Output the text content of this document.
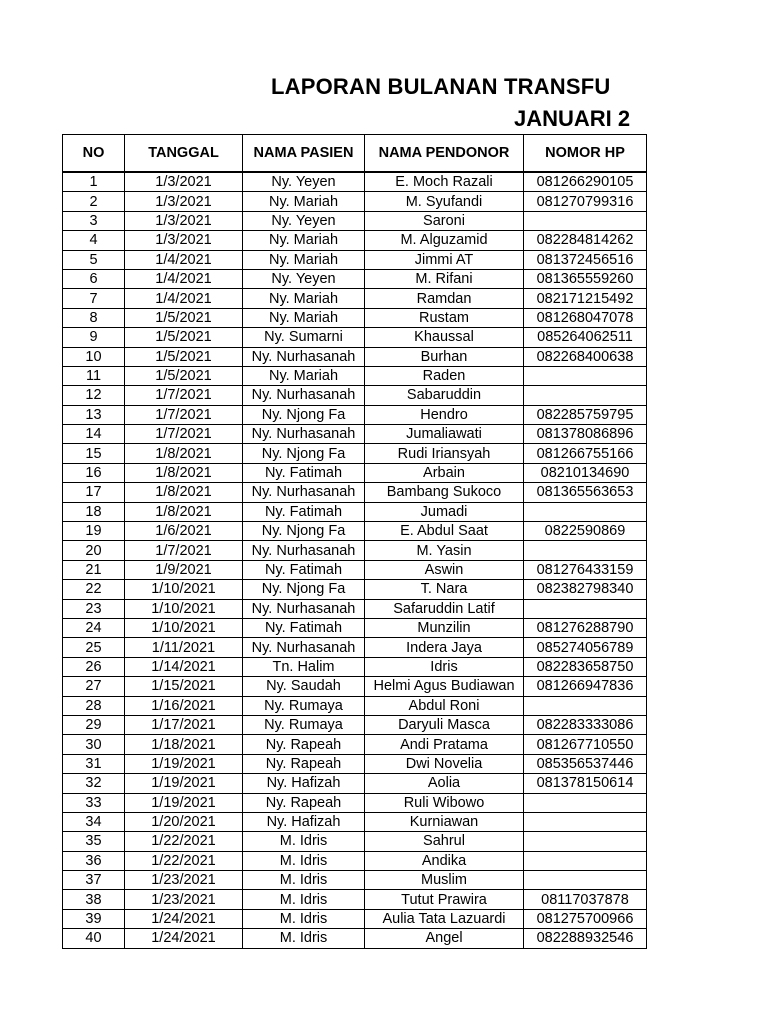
LAPORAN BULANAN TRANSFU
JANUARI 2
NO	TANGGAL	NAMA PASIEN	NAMA PENDONOR	NOMOR HP
1	1/3/2021	Ny. Yeyen	E. Moch Razali	081266290105
2	1/3/2021	Ny. Mariah	M. Syufandi	081270799316
3	1/3/2021	Ny. Yeyen	Saroni	
4	1/3/2021	Ny. Mariah	M. Alguzamid	082284814262
5	1/4/2021	Ny. Mariah	Jimmi AT	081372456516
6	1/4/2021	Ny. Yeyen	M. Rifani	081365559260
7	1/4/2021	Ny. Mariah	Ramdan	082171215492
8	1/5/2021	Ny. Mariah	Rustam	081268047078
9	1/5/2021	Ny. Sumarni	Khaussal	085264062511
10	1/5/2021	Ny. Nurhasanah	Burhan	082268400638
11	1/5/2021	Ny. Mariah	Raden	
12	1/7/2021	Ny. Nurhasanah	Sabaruddin	
13	1/7/2021	Ny. Njong Fa	Hendro	082285759795
14	1/7/2021	Ny. Nurhasanah	Jumaliawati	081378086896
15	1/8/2021	Ny. Njong Fa	Rudi Iriansyah	081266755166
16	1/8/2021	Ny. Fatimah	Arbain	08210134690
17	1/8/2021	Ny. Nurhasanah	Bambang Sukoco	081365563653
18	1/8/2021	Ny. Fatimah	Jumadi	
19	1/6/2021	Ny. Njong Fa	E. Abdul Saat	0822590869
20	1/7/2021	Ny. Nurhasanah	M. Yasin	
21	1/9/2021	Ny. Fatimah	Aswin	081276433159
22	1/10/2021	Ny. Njong Fa	T. Nara	082382798340
23	1/10/2021	Ny. Nurhasanah	Safaruddin Latif	
24	1/10/2021	Ny. Fatimah	Munzilin	081276288790
25	1/11/2021	Ny. Nurhasanah	Indera Jaya	085274056789
26	1/14/2021	Tn. Halim	Idris	082283658750
27	1/15/2021	Ny. Saudah	Helmi Agus Budiawan	081266947836
28	1/16/2021	Ny. Rumaya	Abdul Roni	
29	1/17/2021	Ny. Rumaya	Daryuli Masca	082283333086
30	1/18/2021	Ny. Rapeah	Andi Pratama	081267710550
31	1/19/2021	Ny. Rapeah	Dwi Novelia	085356537446
32	1/19/2021	Ny. Hafizah	Aolia	081378150614
33	1/19/2021	Ny. Rapeah	Ruli Wibowo	
34	1/20/2021	Ny. Hafizah	Kurniawan	
35	1/22/2021	M. Idris	Sahrul	
36	1/22/2021	M. Idris	Andika	
37	1/23/2021	M. Idris	Muslim	
38	1/23/2021	M. Idris	Tutut Prawira	08117037878
39	1/24/2021	M. Idris	Aulia Tata Lazuardi	081275700966
40	1/24/2021	M. Idris	Angel	082288932546
